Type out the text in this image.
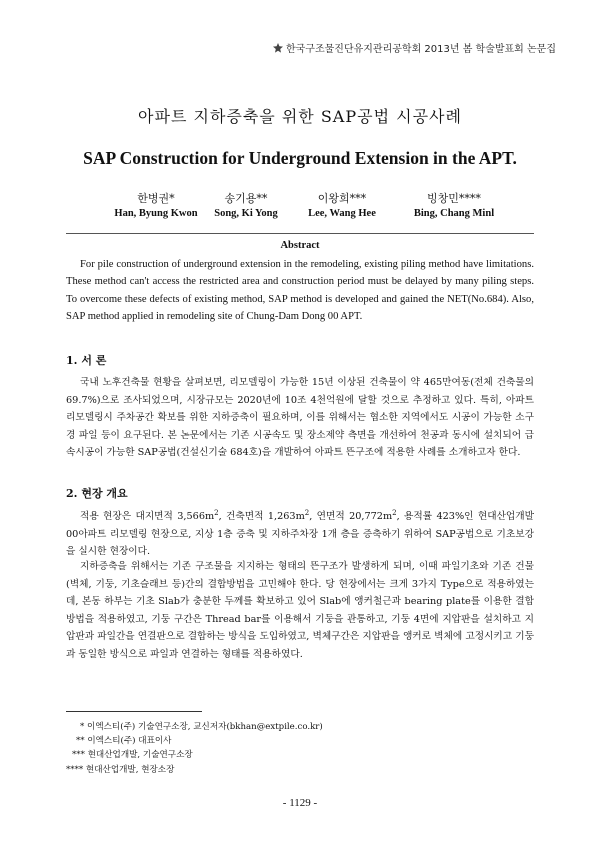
한국구조물진단유지관리공학회 2013년 봄 학술발표회 논문집
아파트 지하증축을 위한 SAP공법 시공사례
SAP Construction for Underground Extension in the APT.
한병권*
Han, Byung Kwon
송기용**
Song, Ki Yong
이왕희***
Lee, Wang Hee
빙창민****
Bing, Chang Minl
Abstract

For pile construction of underground extension in the remodeling, existing piling method have limitations. These method can't access the restricted area and construction period must be delayed by many piling steps. To overcome these defects of existing method, SAP method is developed and gained the NET(No.684). Also, SAP method applied in remodeling site of Chung-Dam Dong 00 APT.

1. 서 론

국내 노후건축물 현황을 살펴보면, 리모델링이 가능한 15년 이상된 건축물이 약 465만여동(전체 건축물의 69.7%)으로 조사되었으며, 시장규모는 2020년에 10조 4천억원에 달할 것으로 추정하고 있다. 특히, 아파트 리모델링시 주차공간 확보를 위한 지하증축이 필요하며, 이를 위해서는 협소한 지역에서도 시공이 가능한 소구경 파일 등이 요구된다. 본 논문에서는 기존 시공속도 및 장소제약 측면을 개선하여 천공과 동시에 설치되어 급속시공이 가능한 SAP공법(건설신기술 684호)을 개발하여 아파트 뜬구조에 적용한 사례를 소개하고자 한다.

2. 현장 개요

적용 현장은 대지면적 $3,566m^2$, 건축면적 $1,263m^2$, 연면적 $20,772m^2$, 용적률 423%인 현대산업개발 00아파트 리모델링 현장으로, 지상 1층 증축 및 지하주차장 1개 층을 증축하기 위하여 SAP공법으로 기초보강을 실시한 현장이다.

지하증축을 위해서는 기존 구조물을 지지하는 형태의 뜬구조가 발생하게 되며, 이때 파일기초와 기존 건물(벽체, 기둥, 기초슬래브 등)간의 결합방법을 고민해야 한다. 당 현장에서는 크게 3가지 Type으로 적용하였는데, 본동 하부는 기초 Slab가 충분한 두께를 확보하고 있어 Slab에 앵커철근과 bearing plate를 이용한 결합방법을 적용하였고, 기둥 구간은 Thread bar를 이용해서 기둥을 관통하고, 기둥 4면에 지압판을 설치하고 지압판과 파일간을 연결판으로 결합하는 방식을 도입하였고, 벽체구간은 지압판을 앵커로 벽체에 고정시키고 기둥과 동일한 방식으로 파일과 연결하는 형태를 적용하였다.

* 이엑스티(주) 기술연구소장, 교신저자(bkhan@extpile.co.kr)
** 이엑스티(주) 대표이사
*** 현대산업개발, 기술연구소장
**** 현대산업개발, 현장소장
- 1129 -
